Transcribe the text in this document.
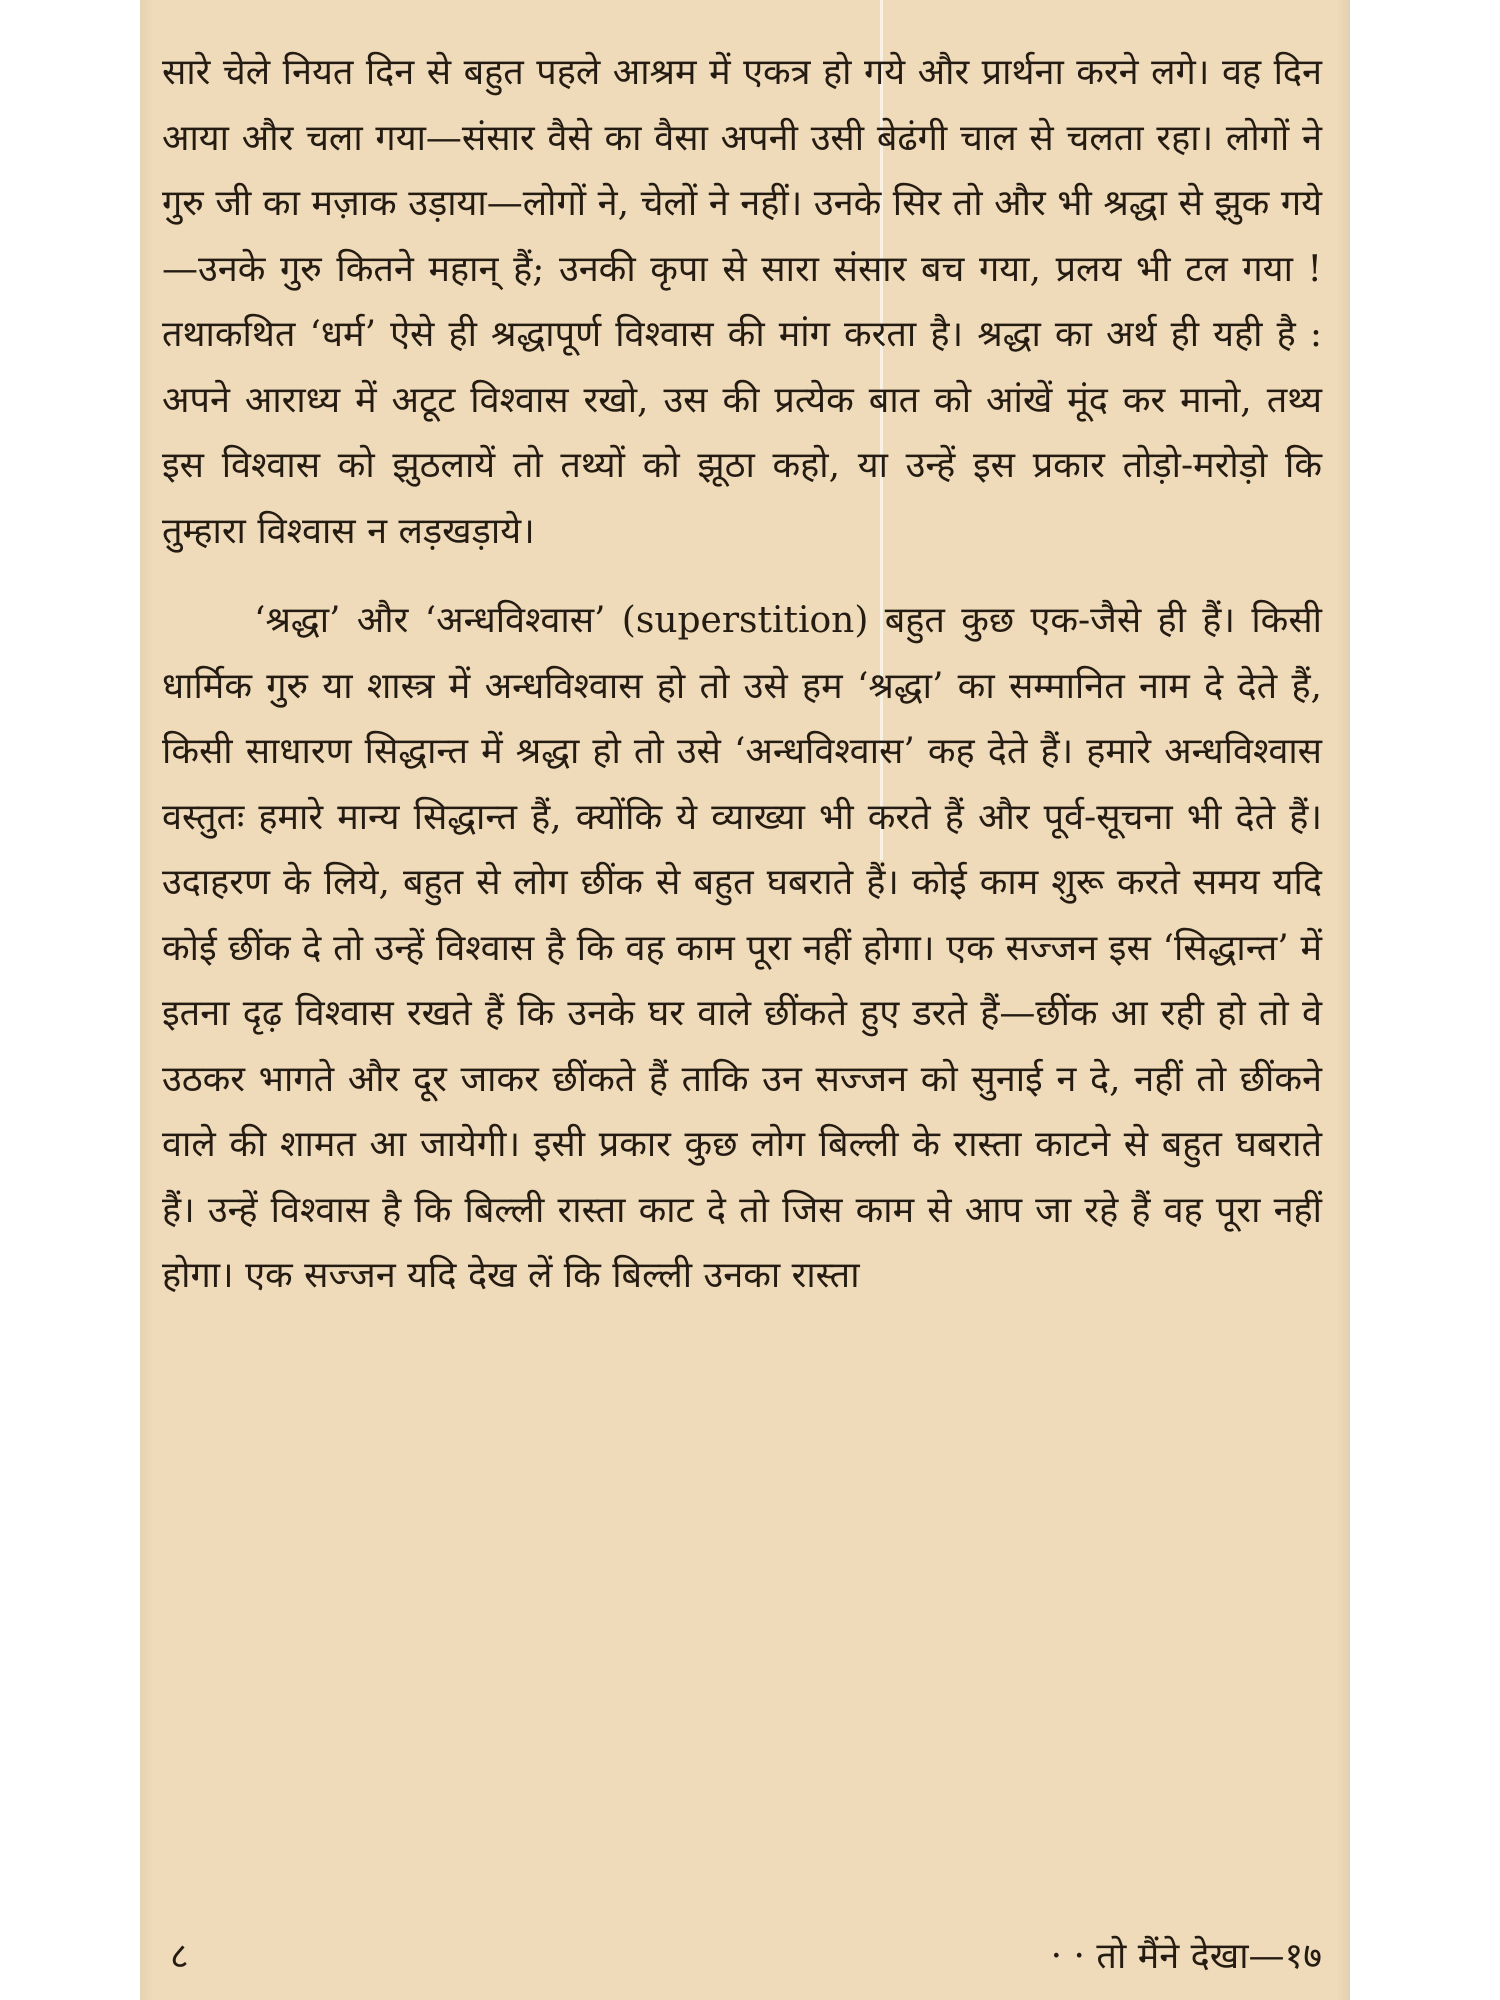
सारे चेले नियत दिन से बहुत पहले आश्रम में एकत्र हो गये और प्रार्थना करने लगे। वह दिन आया और चला गया—संसार वैसे का वैसा अपनी उसी बेढंगी चाल से चलता रहा। लोगों ने गुरु जी का मज़ाक उड़ाया—लोगों ने, चेलों ने नहीं। उनके सिर तो और भी श्रद्धा से झुक गये—उनके गुरु कितने महान् हैं; उनकी कृपा से सारा संसार बच गया, प्रलय भी टल गया ! तथाकथित ‘धर्म’ ऐसे ही श्रद्धापूर्ण विश्वास की मांग करता है। श्रद्धा का अर्थ ही यही है : अपने आराध्य में अटूट विश्वास रखो, उस की प्रत्येक बात को आंखें मूंद कर मानो, तथ्य इस विश्वास को झुठलायें तो तथ्यों को झूठा कहो, या उन्हें इस प्रकार तोड़ो-मरोड़ो कि तुम्हारा विश्वास न लड़खड़ाये।

‘श्रद्धा’ और ‘अन्धविश्वास’ (superstition) बहुत कुछ एक-जैसे ही हैं। किसी धार्मिक गुरु या शास्त्र में अन्धविश्वास हो तो उसे हम ‘श्रद्धा’ का सम्मानित नाम दे देते हैं, किसी साधारण सिद्धान्त में श्रद्धा हो तो उसे ‘अन्धविश्वास’ कह देते हैं। हमारे अन्धविश्वास वस्तुतः हमारे मान्य सिद्धान्त हैं, क्योंकि ये व्याख्या भी करते हैं और पूर्व-सूचना भी देते हैं। उदाहरण के लिये, बहुत से लोग छींक से बहुत घबराते हैं। कोई काम शुरू करते समय यदि कोई छींक दे तो उन्हें विश्वास है कि वह काम पूरा नहीं होगा। एक सज्जन इस ‘सिद्धान्त’ में इतना दृढ़ विश्वास रखते हैं कि उनके घर वाले छींकते हुए डरते हैं—छींक आ रही हो तो वे उठकर भागते और दूर जाकर छींकते हैं ताकि उन सज्जन को सुनाई न दे, नहीं तो छींकने वाले की शामत आ जायेगी। इसी प्रकार कुछ लोग बिल्ली के रास्ता काटने से बहुत घबराते हैं। उन्हें विश्वास है कि बिल्ली रास्ता काट दे तो जिस काम से आप जा रहे हैं वह पूरा नहीं होगा। एक सज्जन यदि देख लें कि बिल्ली उनका रास्ता

८	· · तो मैंने देखा—१७
